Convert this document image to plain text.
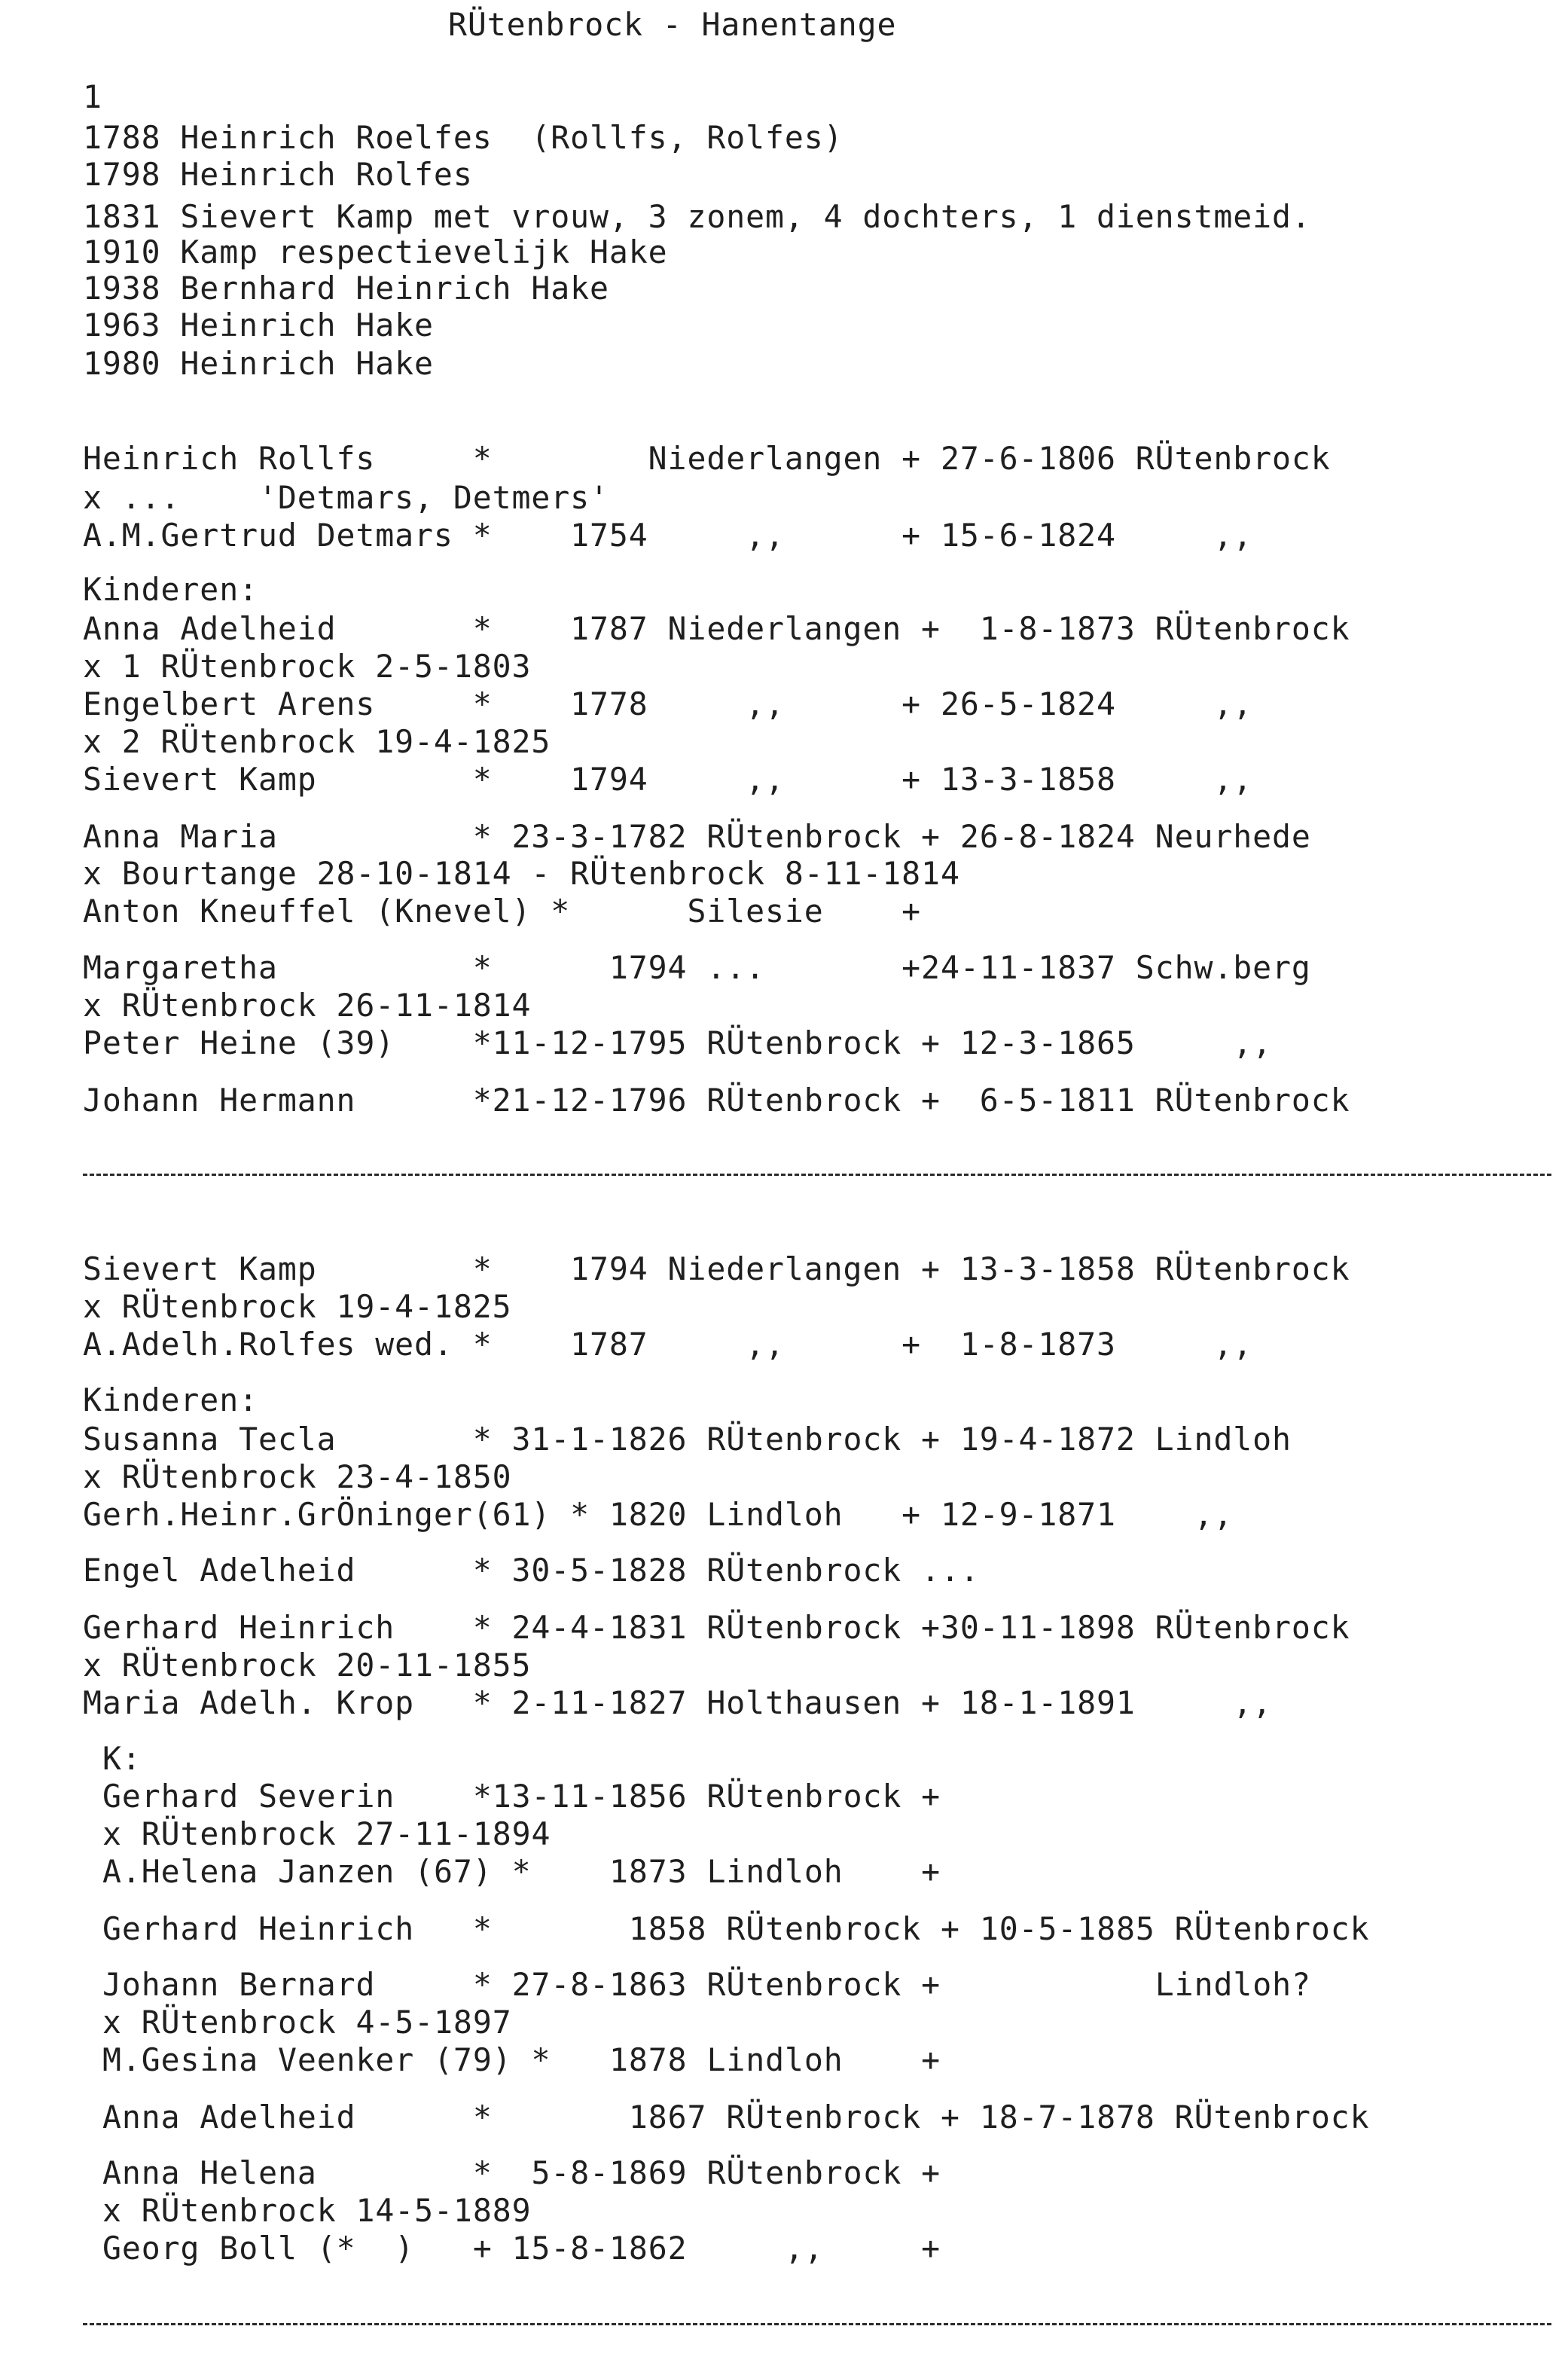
RÜtenbrock - Hanentange
1
1788 Heinrich Roelfes  (Rollfs, Rolfes)
1798 Heinrich Rolfes
1831 Sievert Kamp met vrouw, 3 zonem, 4 dochters, 1 dienstmeid.
1910 Kamp respectievelijk Hake
1938 Bernhard Heinrich Hake
1963 Heinrich Hake
1980 Heinrich Hake
Heinrich Rollfs     *        Niederlangen + 27-6-1806 RÜtenbrock
x ...    'Detmars, Detmers'
A.M.Gertrud Detmars *    1754     ,,      + 15-6-1824     ,,
Kinderen:
Anna Adelheid       *    1787 Niederlangen +  1-8-1873 RÜtenbrock
x 1 RÜtenbrock 2-5-1803
Engelbert Arens     *    1778     ,,      + 26-5-1824     ,,
x 2 RÜtenbrock 19-4-1825
Sievert Kamp        *    1794     ,,      + 13-3-1858     ,,
Anna Maria          * 23-3-1782 RÜtenbrock + 26-8-1824 Neurhede
x Bourtange 28-10-1814 - RÜtenbrock 8-11-1814
Anton Kneuffel (Knevel) *      Silesie    +
Margaretha          *      1794 ...       +24-11-1837 Schw.berg
x RÜtenbrock 26-11-1814
Peter Heine (39)    *11-12-1795 RÜtenbrock + 12-3-1865     ,,
Johann Hermann      *21-12-1796 RÜtenbrock +  6-5-1811 RÜtenbrock
Sievert Kamp        *    1794 Niederlangen + 13-3-1858 RÜtenbrock
x RÜtenbrock 19-4-1825
A.Adelh.Rolfes wed. *    1787     ,,      +  1-8-1873     ,,
Kinderen:
Susanna Tecla       * 31-1-1826 RÜtenbrock + 19-4-1872 Lindloh
x RÜtenbrock 23-4-1850
Gerh.Heinr.GrÖninger(61) * 1820 Lindloh   + 12-9-1871    ,,
Engel Adelheid      * 30-5-1828 RÜtenbrock ...
Gerhard Heinrich    * 24-4-1831 RÜtenbrock +30-11-1898 RÜtenbrock
x RÜtenbrock 20-11-1855
Maria Adelh. Krop   * 2-11-1827 Holthausen + 18-1-1891     ,,
K:
Gerhard Severin    *13-11-1856 RÜtenbrock +
x RÜtenbrock 27-11-1894
A.Helena Janzen (67) *    1873 Lindloh    +
Gerhard Heinrich   *       1858 RÜtenbrock + 10-5-1885 RÜtenbrock
Johann Bernard     * 27-8-1863 RÜtenbrock +           Lindloh?
x RÜtenbrock 4-5-1897
M.Gesina Veenker (79) *   1878 Lindloh    +
Anna Adelheid      *       1867 RÜtenbrock + 18-7-1878 RÜtenbrock
Anna Helena        *  5-8-1869 RÜtenbrock +
x RÜtenbrock 14-5-1889
Georg Boll (*  )   + 15-8-1862     ,,     +
